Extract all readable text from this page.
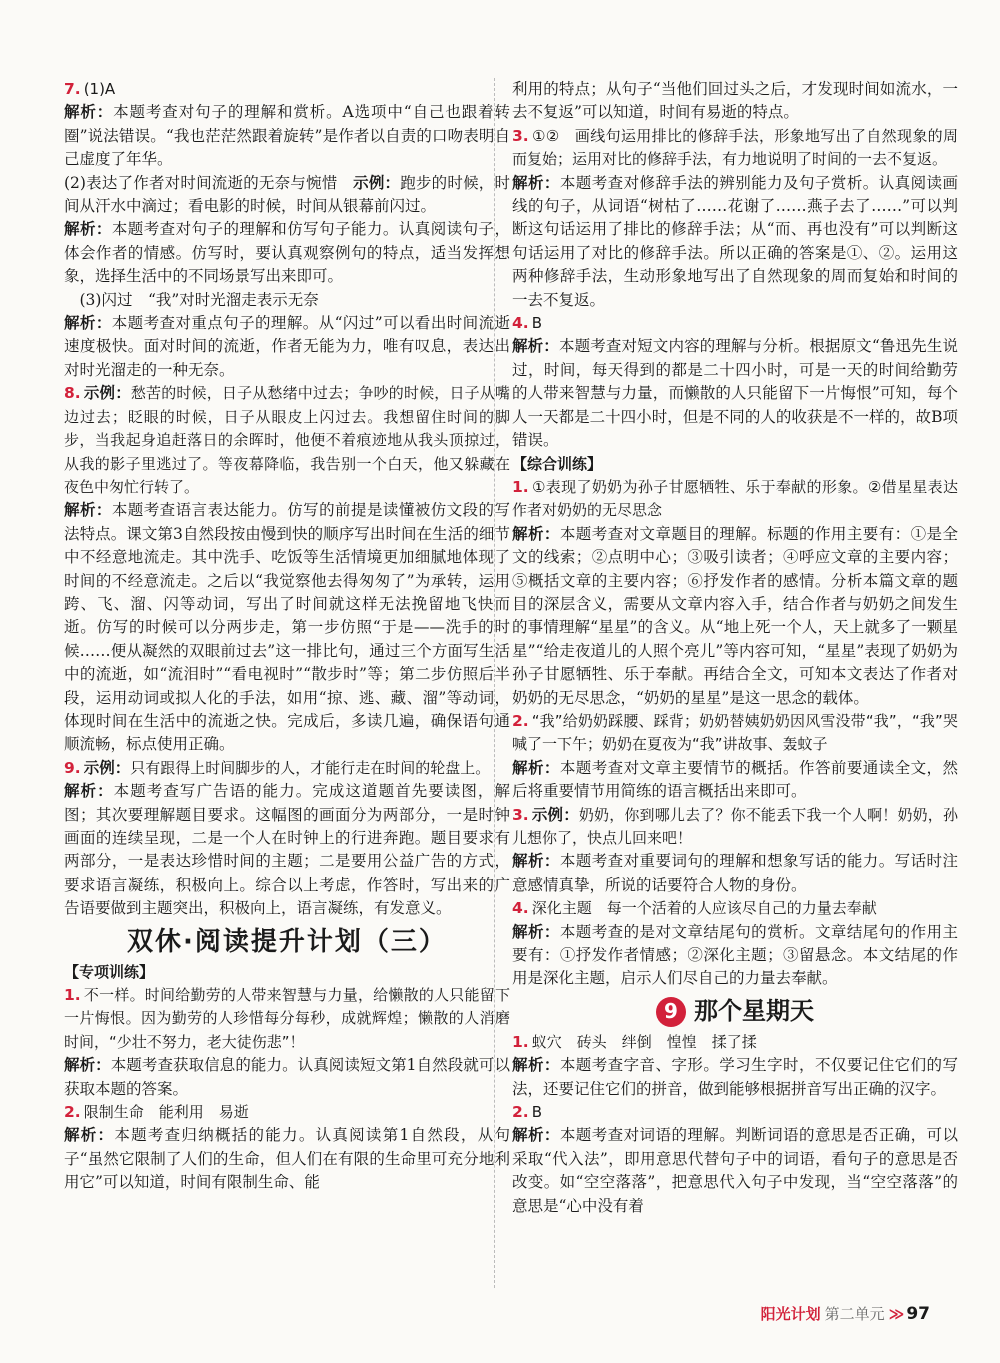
7. (1)A

解析：本题考查对句子的理解和赏析。A选项中“自己也跟着转圈”说法错误。“我也茫茫然跟着旋转”是作者以自责的口吻表明自己虚度了年华。

(2)表达了作者对时间流逝的无奈与惋惜　 示例：跑步的时候，时间从汗水中滴过；看电影的时候，时间从银幕前闪过。

解析：本题考查对句子的理解和仿写句子能力。认真阅读句子，体会作者的情感。仿写时，要认真观察例句的特点，适当发挥想象，选择生活中的不同场景写出来即可。

(3)闪过　“我”对时光溜走表示无奈

解析：本题考查对重点句子的理解。从“闪过”可以看出时间流逝速度极快。面对时间的流逝，作者无能为力，唯有叹息，表达出对时光溜走的一种无奈。

8. 示例：愁苦的时候，日子从愁绪中过去；争吵的时候，日子从嘴边过去；眨眼的时候，日子从眼皮上闪过去。我想留住时间的脚步，当我起身追赶落日的余晖时，他便不着痕迹地从我头顶掠过，从我的影子里逃过了。等夜幕降临，我告别一个白天，他又躲藏在夜色中匆忙行转了。

解析：本题考查语言表达能力。仿写的前提是读懂被仿文段的写法特点。课文第3自然段按由慢到快的顺序写出时间在生活的细节中不经意地流走。其中洗手、吃饭等生活情境更加细腻地体现了时间的不经意流走。之后以“我觉察他去得匆匆了”为承转，运用跨、飞、溜、闪等动词，写出了时间就这样无法挽留地飞快而逝。仿写的时候可以分两步走，第一步仿照“于是——洗手的时候……便从凝然的双眼前过去”这一排比句，通过三个方面写生活中的流逝，如“流泪时”“看电视时”“散步时”等；第二步仿照后半段，运用动词或拟人化的手法，如用“掠、逃、藏、溜”等动词，体现时间在生活中的流逝之快。完成后，多读几遍，确保语句通顺流畅，标点使用正确。

9. 示例：只有跟得上时间脚步的人，才能行走在时间的轮盘上。

解析：本题考查写广告语的能力。完成这道题首先要读图，解图；其次要理解题目要求。这幅图的画面分为两部分，一是时钟画面的连续呈现，二是一个人在时钟上的行进奔跑。题目要求有两部分，一是表达珍惜时间的主题；二是要用公益广告的方式，要求语言凝练，积极向上。综合以上考虑，作答时，写出来的广告语要做到主题突出，积极向上，语言凝练，有发意义。

双休·阅读提升计划（三）
【专项训练】

1. 不一样。时间给勤劳的人带来智慧与力量，给懒散的人只能留下一片悔恨。因为勤劳的人珍惜每分每秒，成就辉煌；懒散的人消磨时间，“少壮不努力，老大徒伤悲”！

解析：本题考查获取信息的能力。认真阅读短文第1自然段就可以获取本题的答案。

2. 限制生命　能利用　易逝

解析：本题考查归纳概括的能力。认真阅读第1自然段，从句子“虽然它限制了人们的生命，但人们在有限的生命里可充分地利用它”可以知道，时间有限制生命、能

利用的特点；从句子“当他们回过头之后，才发现时间如流水，一去不复返”可以知道，时间有易逝的特点。

3. ①②　画线句运用排比的修辞手法，形象地写出了自然现象的周而复始；运用对比的修辞手法，有力地说明了时间的一去不复返。

解析：本题考查对修辞手法的辨别能力及句子赏析。认真阅读画线的句子，从词语“树枯了……花谢了……燕子去了……”可以判断这句话运用了排比的修辞手法；从“而、再也没有”可以判断这句话运用了对比的修辞手法。所以正确的答案是①、②。运用这两种修辞手法，生动形象地写出了自然现象的周而复始和时间的一去不复返。

4. B

解析：本题考查对短文内容的理解与分析。根据原文“鲁迅先生说过，时间，每天得到的都是二十四小时，可是一天的时间给勤劳的人带来智慧与力量，而懒散的人只能留下一片悔恨”可知，每个人一天都是二十四小时，但是不同的人的收获是不一样的，故B项错误。

【综合训练】

1. ①表现了奶奶为孙子甘愿牺牲、乐于奉献的形象。②借星星表达作者对奶奶的无尽思念

解析：本题考查对文章题目的理解。标题的作用主要有：①是全文的线索；②点明中心；③吸引读者；④呼应文章的主要内容；⑤概括文章的主要内容；⑥抒发作者的感情。分析本篇文章的题目的深层含义，需要从文章内容入手，结合作者与奶奶之间发生的事情理解“星星”的含义。从“地上死一个人，天上就多了一颗星星”“给走夜道儿的人照个亮儿”等内容可知，“星星”表现了奶奶为孙子甘愿牺牲、乐于奉献。再结合全文，可知本文表达了作者对奶奶的无尽思念，“奶奶的星星”是这一思念的载体。

2. “我”给奶奶踩腰、踩背；奶奶替姨奶奶因风雪没带“我”，“我”哭喊了一下午；奶奶在夏夜为“我”讲故事、轰蚊子

解析：本题考查对文章主要情节的概括。作答前要通读全文，然后将重要情节用简练的语言概括出来即可。

3. 示例：奶奶，你到哪儿去了？你不能丢下我一个人啊！奶奶，孙儿想你了，快点儿回来吧！

解析：本题考查对重要词句的理解和想象写话的能力。写话时注意感情真挚，所说的话要符合人物的身份。

4. 深化主题　每一个活着的人应该尽自己的力量去奉献

解析：本题考查的是对文章结尾句的赏析。文章结尾句的作用主要有：①抒发作者情感；②深化主题；③留悬念。本文结尾的作用是深化主题，启示人们尽自己的力量去奉献。

9 那个星期天

1. 蚁穴　砖头　绊倒　惶惶　揉了揉

解析：本题考查字音、字形。学习生字时，不仅要记住它们的写法，还要记住它们的拼音，做到能够根据拼音写出正确的汉字。

2. B

解析：本题考查对词语的理解。判断词语的意思是否正确，可以采取“代入法”，即用意思代替句子中的词语，看句子的意思是否改变。如“空空落落”，把意思代入句子中发现，当“空空落落”的意思是“心中没有着

阳光计划 第二单元 ≫ 97
